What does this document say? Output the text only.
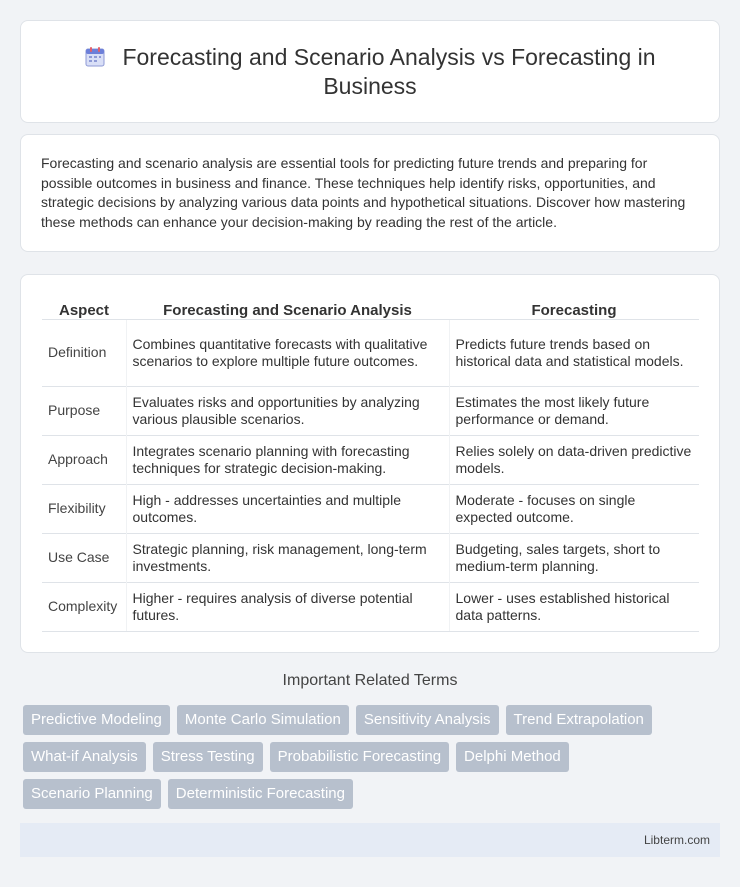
Forecasting and Scenario Analysis vs Forecasting in Business

Forecasting and scenario analysis are essential tools for predicting future trends and preparing for possible outcomes in business and finance. These techniques help identify risks, opportunities, and strategic decisions by analyzing various data points and hypothetical situations. Discover how mastering these methods can enhance your decision-making by reading the rest of the article.

Aspect	Forecasting and Scenario Analysis	Forecasting
Definition	Combines quantitative forecasts with qualitative scenarios to explore multiple future outcomes.	Predicts future trends based on historical data and statistical models.
Purpose	Evaluates risks and opportunities by analyzing various plausible scenarios.	Estimates the most likely future performance or demand.
Approach	Integrates scenario planning with forecasting techniques for strategic decision-making.	Relies solely on data-driven predictive models.
Flexibility	High - addresses uncertainties and multiple outcomes.	Moderate - focuses on single expected outcome.
Use Case	Strategic planning, risk management, long-term investments.	Budgeting, sales targets, short to medium-term planning.
Complexity	Higher - requires analysis of diverse potential futures.	Lower - uses established historical data patterns.
Important Related Terms
Predictive Modeling	Monte Carlo Simulation	Sensitivity Analysis	Trend Extrapolation
What-if Analysis	Stress Testing	Probabilistic Forecasting	Delphi Method
Scenario Planning	Deterministic Forecasting
Libterm.com
